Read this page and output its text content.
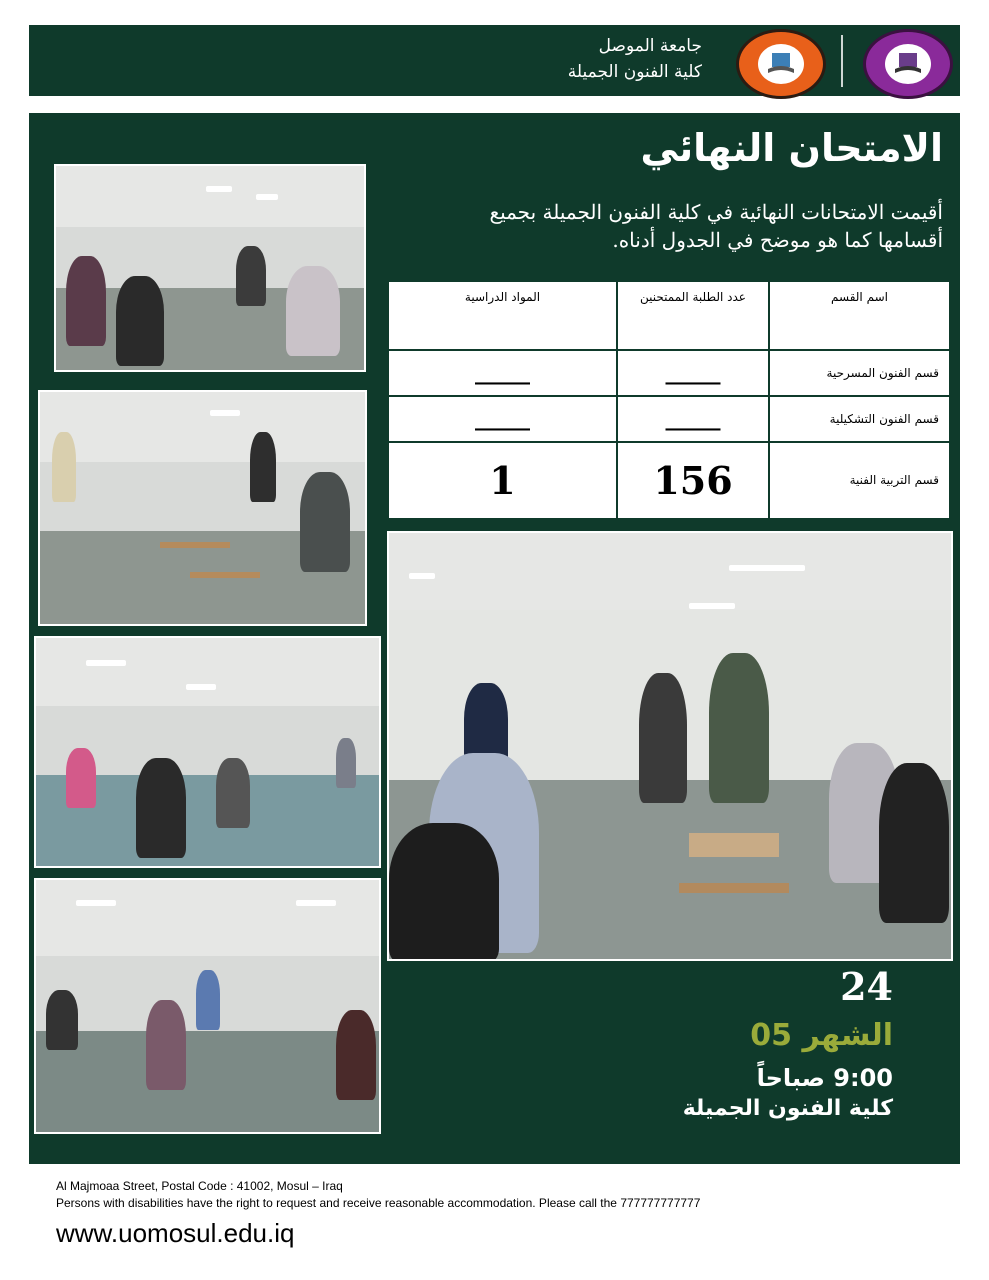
جامعة الموصل
كلية الفنون الجميلة
الامتحان النهائي
أقيمت الامتحانات النهائية في كلية الفنون الجميلة بجميع أقسامها كما هو موضح في الجدول أدناه.
اسم القسم	عدد الطلبة الممتحنين	المواد الدراسية
قسم الفنون المسرحية	_____	_____
قسم الفنون التشكيلية	_____	_____
قسم التربية الفنية	156	1
24
الشهر 05
9:00 صباحاً
كلية الفنون الجميلة
Al Majmoaa Street, Postal Code : 41002, Mosul – Iraq
Persons with disabilities have the right to request and receive reasonable accommodation. Please call the 777777777777
www.uomosul.edu.iq
